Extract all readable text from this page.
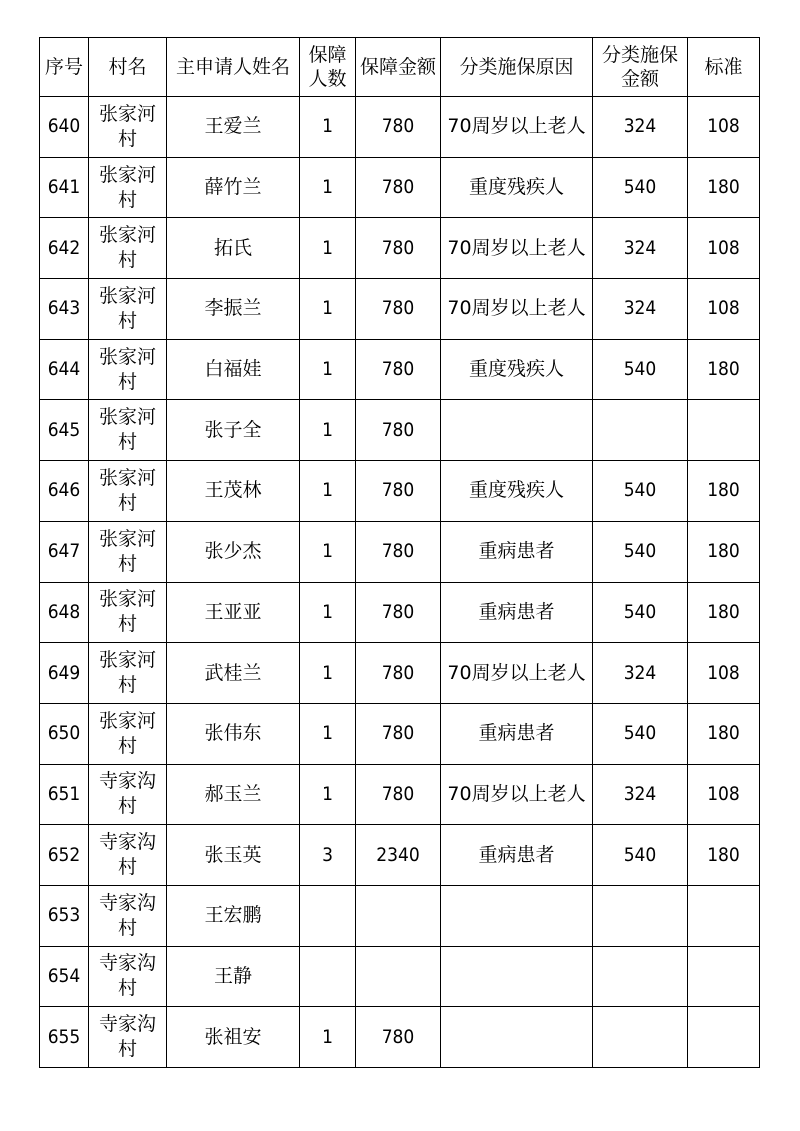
序号	村名	主申请人姓名	保障人数	保障金额	分类施保原因	分类施保金额	标准
640	张家河村	王爱兰	1	780	70周岁以上老人	324	108
641	张家河村	薛竹兰	1	780	重度残疾人	540	180
642	张家河村	拓氏	1	780	70周岁以上老人	324	108
643	张家河村	李振兰	1	780	70周岁以上老人	324	108
644	张家河村	白福娃	1	780	重度残疾人	540	180
645	张家河村	张子全	1	780			
646	张家河村	王茂林	1	780	重度残疾人	540	180
647	张家河村	张少杰	1	780	重病患者	540	180
648	张家河村	王亚亚	1	780	重病患者	540	180
649	张家河村	武桂兰	1	780	70周岁以上老人	324	108
650	张家河村	张伟东	1	780	重病患者	540	180
651	寺家沟村	郝玉兰	1	780	70周岁以上老人	324	108
652	寺家沟村	张玉英	3	2340	重病患者	540	180
653	寺家沟村	王宏鹏					
654	寺家沟村	王静					
655	寺家沟村	张祖安	1	780			
